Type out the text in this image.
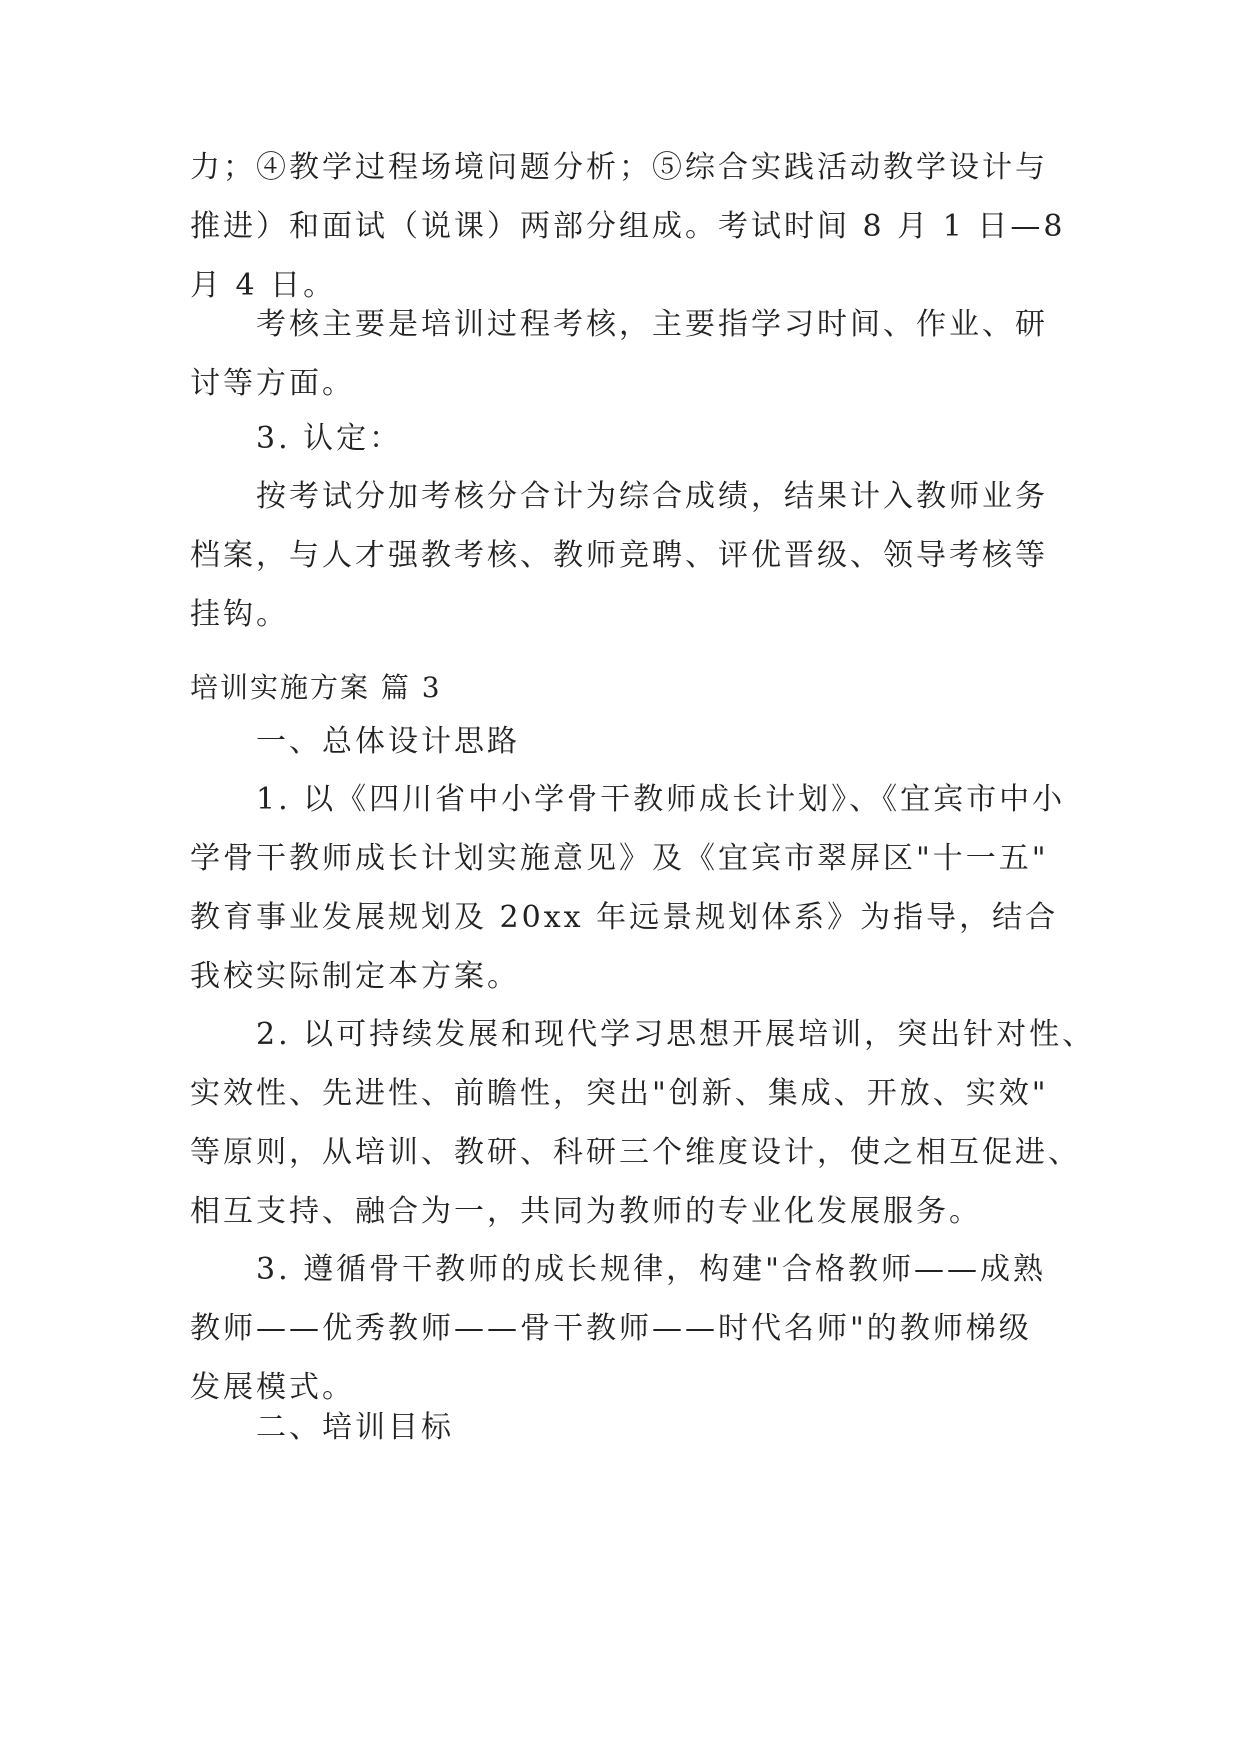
力；④教学过程场境问题分析；⑤综合实践活动教学设计与
推进）和面试（说课）两部分组成。考试时间 8 月 1 日—8
月 4 日。
考核主要是培训过程考核，主要指学习时间、作业、研
讨等方面。
3. 认定：
按考试分加考核分合计为综合成绩，结果计入教师业务
档案，与人才强教考核、教师竞聘、评优晋级、领导考核等
挂钩。
培训实施方案 篇 3
一、总体设计思路
1. 以《四川省中小学骨干教师成长计划》、《宜宾市中小
学骨干教师成长计划实施意见》及《宜宾市翠屏区"十一五"
教育事业发展规划及 20xx 年远景规划体系》为指导，结合
我校实际制定本方案。
2. 以可持续发展和现代学习思想开展培训，突出针对性、
实效性、先进性、前瞻性，突出"创新、集成、开放、实效"
等原则，从培训、教研、科研三个维度设计，使之相互促进、
相互支持、融合为一，共同为教师的专业化发展服务。
3. 遵循骨干教师的成长规律，构建"合格教师——成熟
教师——优秀教师——骨干教师——时代名师"的教师梯级
发展模式。
二、培训目标
